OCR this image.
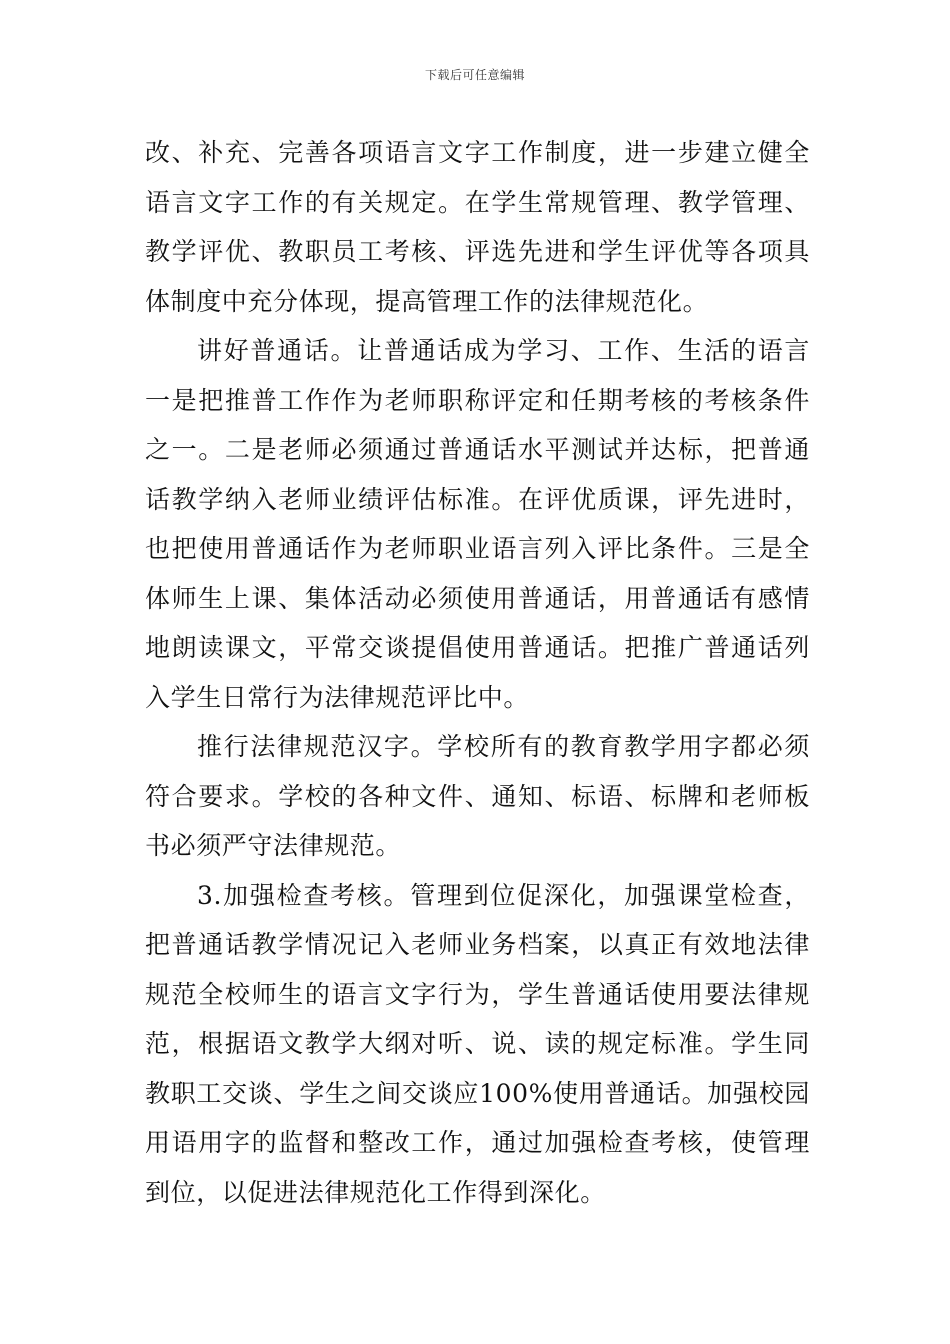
下载后可任意编辑

改、补充、完善各项语言文字工作制度，进一步建立健全语言文字工作的有关规定。在学生常规管理、教学管理、教学评优、教职员工考核、评选先进和学生评优等各项具体制度中充分体现，提高管理工作的法律规范化。

讲好普通话。让普通话成为学习、工作、生活的语言一是把推普工作作为老师职称评定和任期考核的考核条件之一。二是老师必须通过普通话水平测试并达标，把普通话教学纳入老师业绩评估标准。在评优质课，评先进时，也把使用普通话作为老师职业语言列入评比条件。三是全体师生上课、集体活动必须使用普通话，用普通话有感情地朗读课文，平常交谈提倡使用普通话。把推广普通话列入学生日常行为法律规范评比中。

推行法律规范汉字。学校所有的教育教学用字都必须符合要求。学校的各种文件、通知、标语、标牌和老师板书必须严守法律规范。

3.加强检查考核。管理到位促深化，加强课堂检查，把普通话教学情况记入老师业务档案，以真正有效地法律规范全校师生的语言文字行为，学生普通话使用要法律规范，根据语文教学大纲对听、说、读的规定标准。学生同教职工交谈、学生之间交谈应100%使用普通话。加强校园用语用字的监督和整改工作，通过加强检查考核，使管理到位，以促进法律规范化工作得到深化。
